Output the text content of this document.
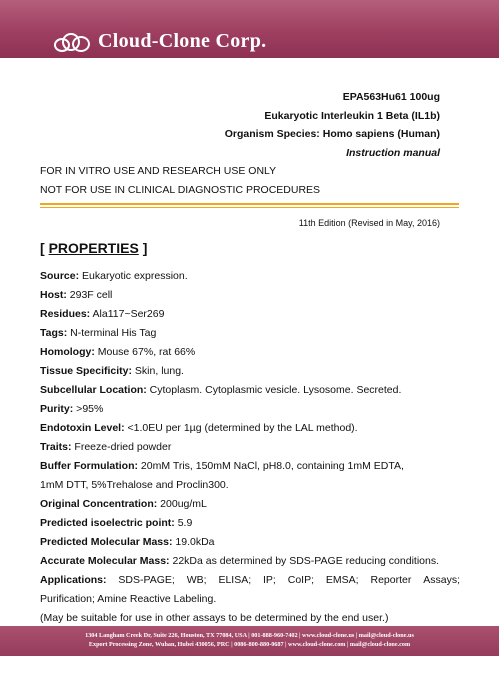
Cloud-Clone Corp.
EPA563Hu61 100ug
Eukaryotic Interleukin 1 Beta (IL1b)
Organism Species: Homo sapiens (Human)
Instruction manual
FOR IN VITRO USE AND RESEARCH USE ONLY
NOT FOR USE IN CLINICAL DIAGNOSTIC PROCEDURES
11th Edition (Revised in May, 2016)
[ PROPERTIES ]
Source: Eukaryotic expression.
Host: 293F cell
Residues: Ala117~Ser269
Tags: N-terminal His Tag
Homology: Mouse 67%, rat 66%
Tissue Specificity: Skin, lung.
Subcellular Location: Cytoplasm. Cytoplasmic vesicle. Lysosome. Secreted.
Purity: >95%
Endotoxin Level: <1.0EU per 1µg (determined by the LAL method).
Traits: Freeze-dried powder
Buffer Formulation: 20mM Tris, 150mM NaCl, pH8.0, containing 1mM EDTA,
1mM DTT, 5%Trehalose and Proclin300.
Original Concentration: 200ug/mL
Predicted isoelectric point: 5.9
Predicted Molecular Mass: 19.0kDa
Accurate Molecular Mass: 22kDa as determined by SDS-PAGE reducing conditions.
Applications: SDS-PAGE; WB; ELISA; IP; CoIP; EMSA; Reporter Assays;
Purification; Amine Reactive Labeling.
(May be suitable for use in other assays to be determined by the end user.)
1304 Langham Creek Dr, Suite 226, Houston, TX 77084, USA | 001-888-960-7402 | www.cloud-clone.us | mail@cloud-clone.us
Export Processing Zone, Wuhan, Hubei 430056, PRC | 0086-800-880-0687 | www.cloud-clone.com | mail@cloud-clone.com
